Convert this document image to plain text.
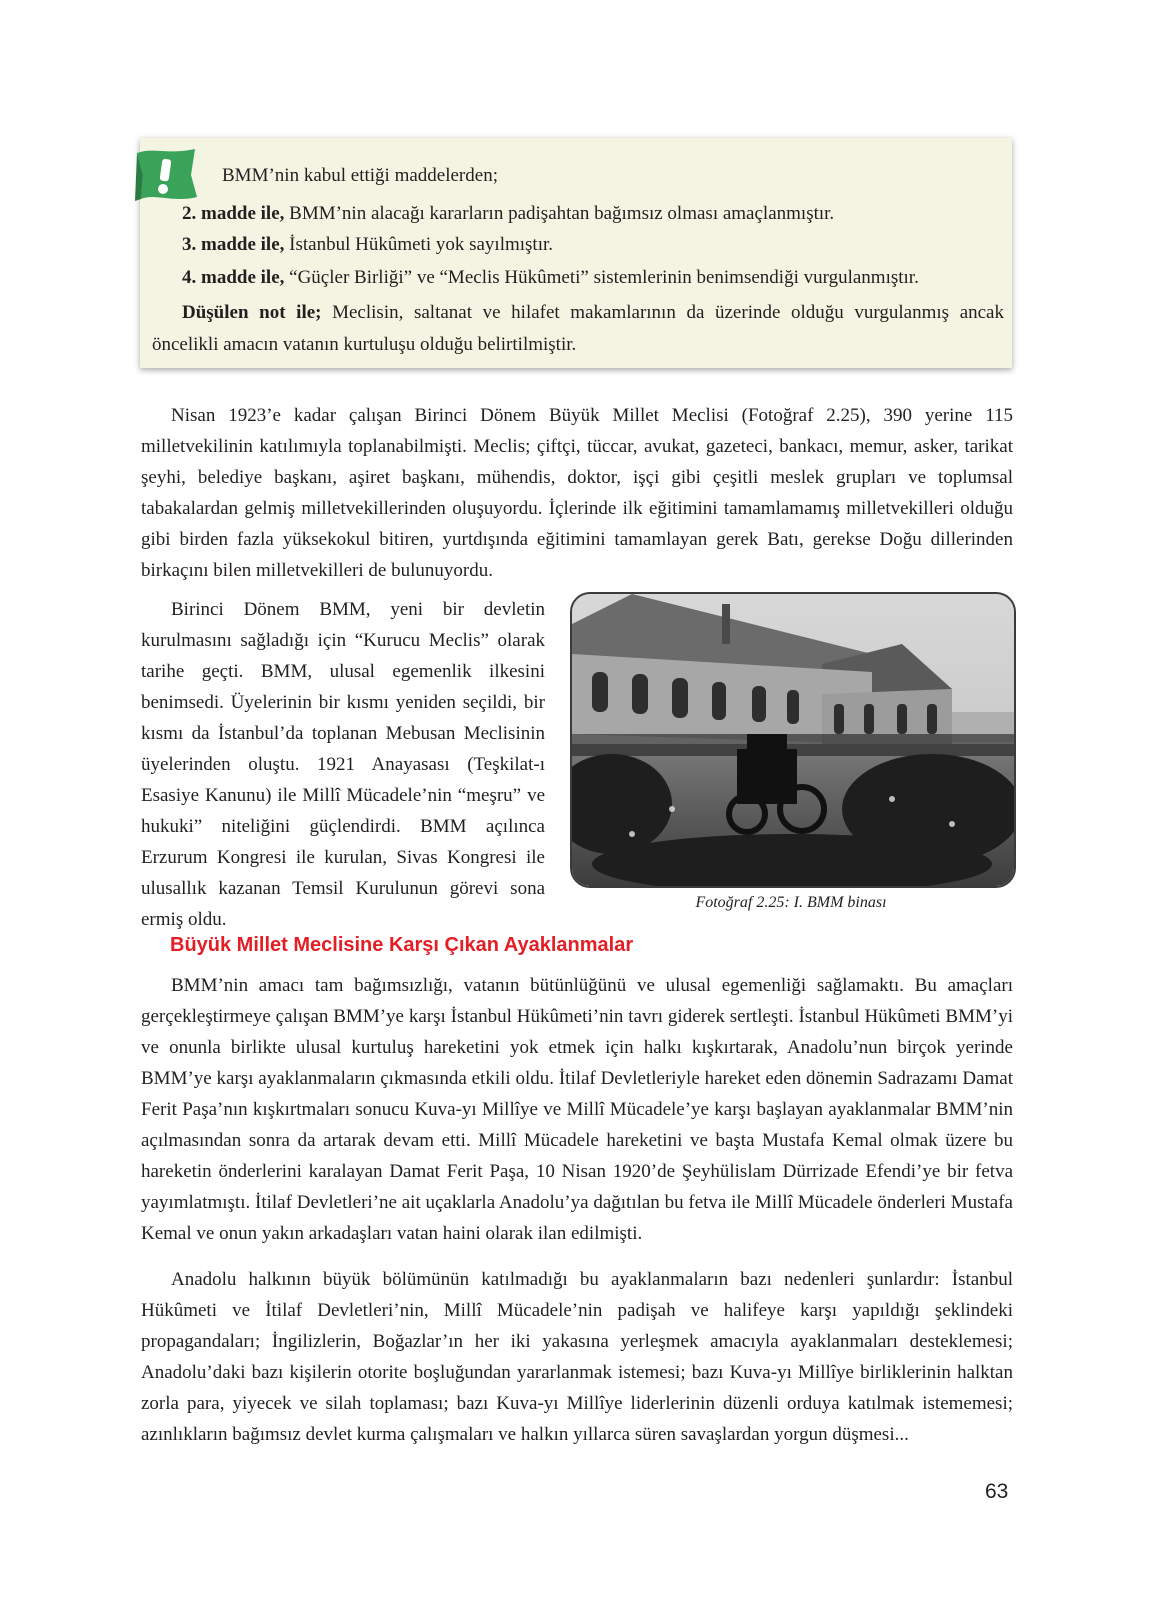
BMM’nin kabul ettiği maddelerden;
2. madde ile, BMM’nin alacağı kararların padişahtan bağımsız olması amaçlanmıştır.
3. madde ile, İstanbul Hükûmeti yok sayılmıştır.
4. madde ile, “Güçler Birliği” ve “Meclis Hükûmeti” sistemlerinin benimsendiği vurgulanmıştır.
Düşülen not ile; Meclisin, saltanat ve hilafet makamlarının da üzerinde olduğu vurgulanmış ancak öncelikli amacın vatanın kurtuluşu olduğu belirtilmiştir.

Nisan 1923’e kadar çalışan Birinci Dönem Büyük Millet Meclisi (Fotoğraf 2.25), 390 yerine 115 milletvekilinin katılımıyla toplanabilmişti. Meclis; çiftçi, tüccar, avukat, gazeteci, bankacı, memur, asker, tarikat şeyhi, belediye başkanı, aşiret başkanı, mühendis, doktor, işçi gibi çeşitli meslek grupları ve toplumsal tabakalardan gelmiş milletvekillerinden oluşuyordu. İçlerinde ilk eğitimini tamamlamamış milletvekilleri olduğu gibi birden fazla yüksekokul bitiren, yurtdışında eğitimini tamamlayan gerek Batı, gerekse Doğu dillerinden birkaçını bilen milletvekilleri de bulunuyordu.

Birinci Dönem BMM, yeni bir devletin kurulmasını sağladığı için “Kurucu Meclis” olarak tarihe geçti. BMM, ulusal egemenlik ilkesini benimsedi. Üyelerinin bir kısmı yeniden seçildi, bir kısmı da İstanbul’da toplanan Mebusan Meclisinin üyelerinden oluştu. 1921 Anayasası (Teşkilat-ı Esasiye Kanunu) ile Millî Mücadele’nin “meşru” ve hukuki” niteliğini güçlendirdi. BMM açılınca Erzurum Kongresi ile kurulan, Sivas Kongresi ile ulusallık kazanan Temsil Kurulunun görevi sona ermiş oldu.

Fotoğraf 2.25: I. BMM binası
Büyük Millet Meclisine Karşı Çıkan Ayaklanmalar

BMM’nin amacı tam bağımsızlığı, vatanın bütünlüğünü ve ulusal egemenliği sağlamaktı. Bu amaçları gerçekleştirmeye çalışan BMM’ye karşı İstanbul Hükûmeti’nin tavrı giderek sertleşti. İstanbul Hükûmeti BMM’yi ve onunla birlikte ulusal kurtuluş hareketini yok etmek için halkı kışkırtarak, Anadolu’nun birçok yerinde BMM’ye karşı ayaklanmaların çıkmasında etkili oldu. İtilaf Devletleriyle hareket eden dönemin Sadrazamı Damat Ferit Paşa’nın kışkırtmaları sonucu Kuva-yı Millîye ve Millî Mücadele’ye karşı başlayan ayaklanmalar BMM’nin açılmasından sonra da artarak devam etti. Millî Mücadele hareketini ve başta Mustafa Kemal olmak üzere bu hareketin önderlerini karalayan Damat Ferit Paşa, 10 Nisan 1920’de Şeyhülislam Dürrizade Efendi’ye bir fetva yayımlatmıştı. İtilaf Devletleri’ne ait uçaklarla Anadolu’ya dağıtılan bu fetva ile Millî Mücadele önderleri Mustafa Kemal ve onun yakın arkadaşları vatan haini olarak ilan edilmişti.

Anadolu halkının büyük bölümünün katılmadığı bu ayaklanmaların bazı nedenleri şunlardır: İstanbul Hükûmeti ve İtilaf Devletleri’nin, Millî Mücadele’nin padişah ve halifeye karşı yapıldığı şeklindeki propagandaları; İngilizlerin, Boğazlar’ın her iki yakasına yerleşmek amacıyla ayaklanmaları desteklemesi; Anadolu’daki bazı kişilerin otorite boşluğundan yararlanmak istemesi; bazı Kuva-yı Millîye birliklerinin halktan zorla para, yiyecek ve silah toplaması; bazı Kuva-yı Millîye liderlerinin düzenli orduya katılmak istememesi; azınlıkların bağımsız devlet kurma çalışmaları ve halkın yıllarca süren savaşlardan yorgun düşmesi...

63
